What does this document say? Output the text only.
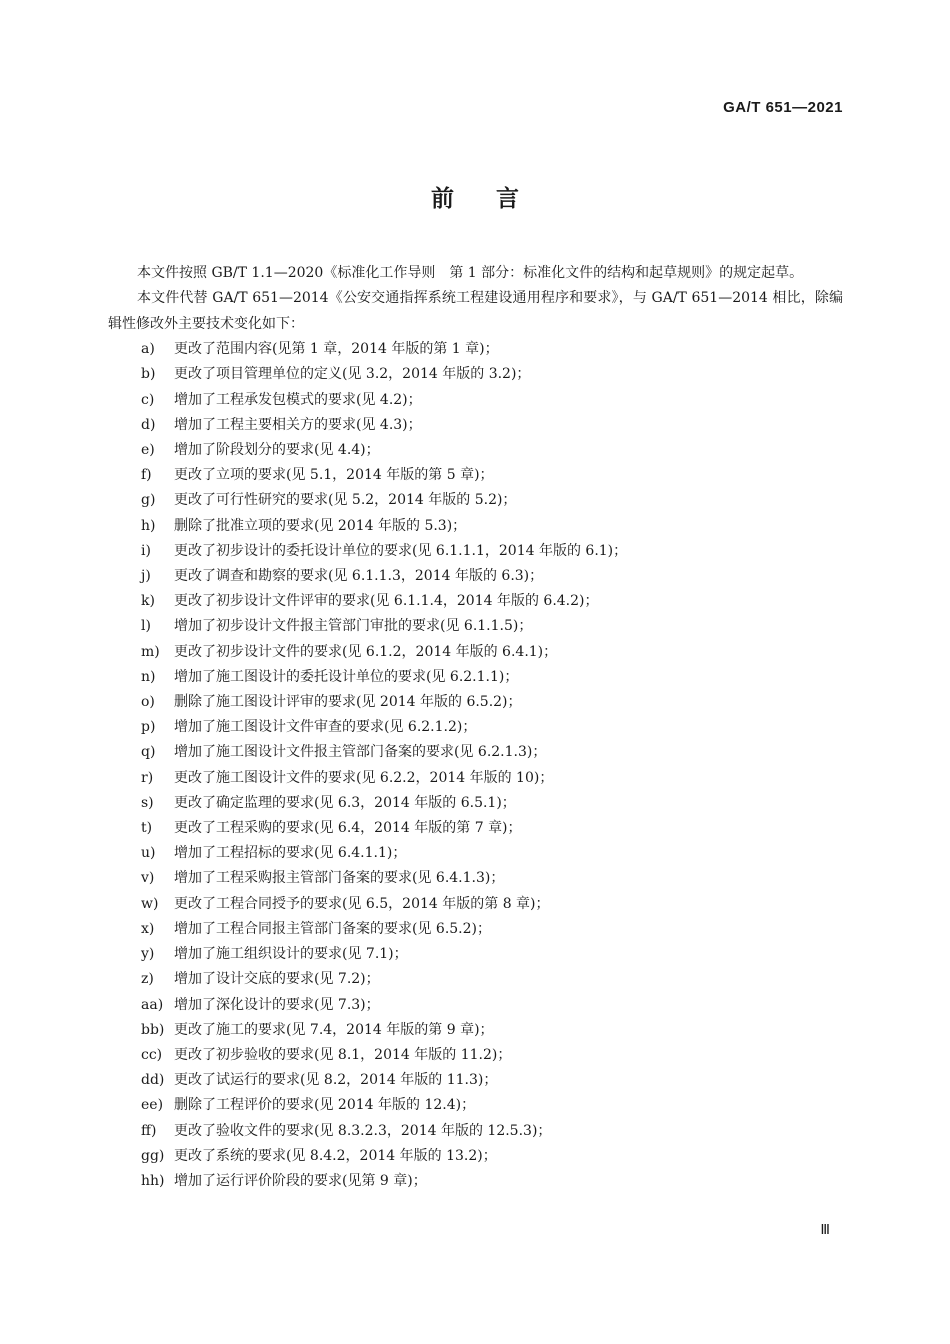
GA/T 651—2021
前言

本文件按照 GB/T 1.1—2020《标准化工作导则　第 1 部分：标准化文件的结构和起草规则》的规定起草。

本文件代替 GA/T 651—2014《公安交通指挥系统工程建设通用程序和要求》，与 GA/T 651—2014 相比，除编辑性修改外主要技术变化如下：

a)	更改了范围内容(见第 1 章，2014 年版的第 1 章)；
b)	更改了项目管理单位的定义(见 3.2，2014 年版的 3.2)；
c)	增加了工程承发包模式的要求(见 4.2)；
d)	增加了工程主要相关方的要求(见 4.3)；
e)	增加了阶段划分的要求(见 4.4)；
f)	更改了立项的要求(见 5.1，2014 年版的第 5 章)；
g)	更改了可行性研究的要求(见 5.2，2014 年版的 5.2)；
h)	删除了批准立项的要求(见 2014 年版的 5.3)；
i)	更改了初步设计的委托设计单位的要求(见 6.1.1.1，2014 年版的 6.1)；
j)	更改了调查和勘察的要求(见 6.1.1.3，2014 年版的 6.3)；
k)	更改了初步设计文件评审的要求(见 6.1.1.4，2014 年版的 6.4.2)；
l)	增加了初步设计文件报主管部门审批的要求(见 6.1.1.5)；
m)	更改了初步设计文件的要求(见 6.1.2，2014 年版的 6.4.1)；
n)	增加了施工图设计的委托设计单位的要求(见 6.2.1.1)；
o)	删除了施工图设计评审的要求(见 2014 年版的 6.5.2)；
p)	增加了施工图设计文件审查的要求(见 6.2.1.2)；
q)	增加了施工图设计文件报主管部门备案的要求(见 6.2.1.3)；
r)	更改了施工图设计文件的要求(见 6.2.2，2014 年版的 10)；
s)	更改了确定监理的要求(见 6.3，2014 年版的 6.5.1)；
t)	更改了工程采购的要求(见 6.4，2014 年版的第 7 章)；
u)	增加了工程招标的要求(见 6.4.1.1)；
v)	增加了工程采购报主管部门备案的要求(见 6.4.1.3)；
w)	更改了工程合同授予的要求(见 6.5，2014 年版的第 8 章)；
x)	增加了工程合同报主管部门备案的要求(见 6.5.2)；
y)	增加了施工组织设计的要求(见 7.1)；
z)	增加了设计交底的要求(见 7.2)；
aa) 增加了深化设计的要求(见 7.3)；
bb) 更改了施工的要求(见 7.4，2014 年版的第 9 章)；
cc) 更改了初步验收的要求(见 8.1，2014 年版的 11.2)；
dd) 更改了试运行的要求(见 8.2，2014 年版的 11.3)；
ee) 删除了工程评价的要求(见 2014 年版的 12.4)；
ff)	更改了验收文件的要求(见 8.3.2.3，2014 年版的 12.5.3)；
gg) 更改了系统的要求(见 8.4.2，2014 年版的 13.2)；
hh) 增加了运行评价阶段的要求(见第 9 章)；
Ⅲ
